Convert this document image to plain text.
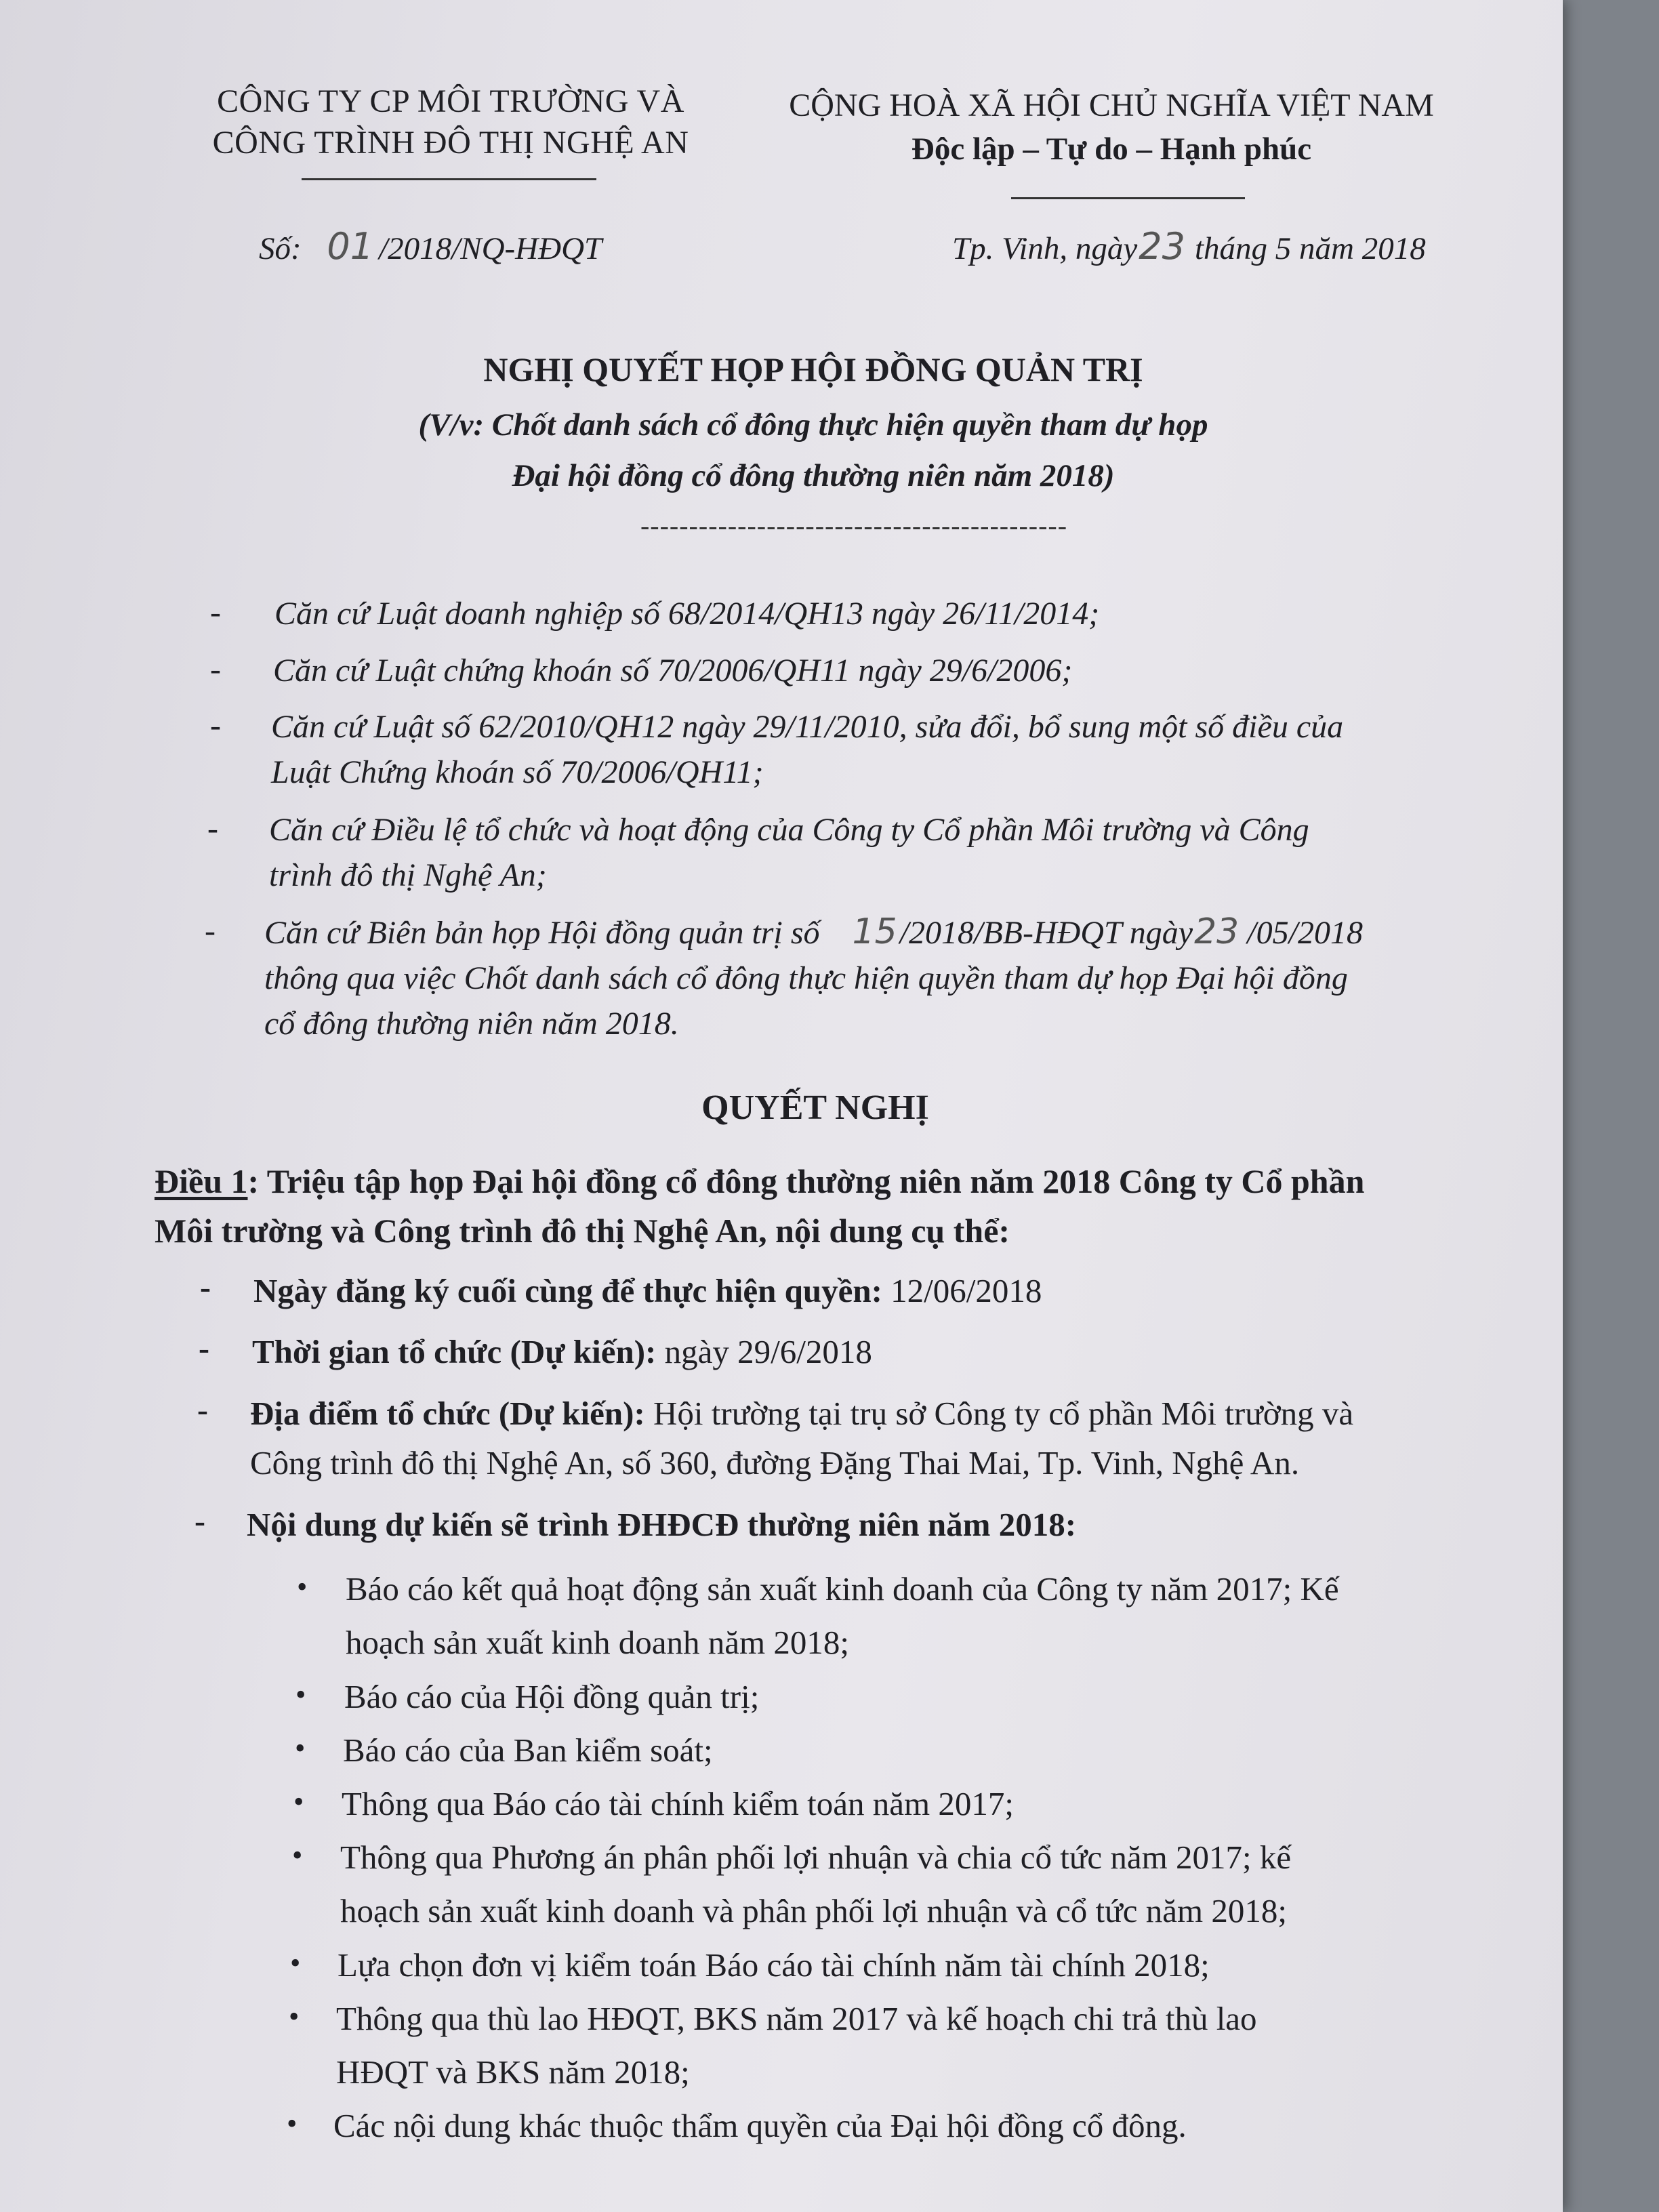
CÔNG TY CP MÔI TRƯỜNG VÀ
CÔNG TRÌNH ĐÔ THỊ NGHỆ AN
CỘNG HOÀ XÃ HỘI CHỦ NGHĨA VIỆT NAM
Độc lập – Tự do – Hạnh phúc
Số: 01 /2018/NQ-HĐQT	Tp. Vinh, ngày23 tháng 5 năm 2018
NGHỊ QUYẾT HỌP HỘI ĐỒNG QUẢN TRỊ
(V/v: Chốt danh sách cổ đông thực hiện quyền tham dự họp
Đại hội đồng cổ đông thường niên năm 2018)
--------------------------------------------
- Căn cứ Luật doanh nghiệp số 68/2014/QH13 ngày 26/11/2014;
- Căn cứ Luật chứng khoán số 70/2006/QH11 ngày 29/6/2006;
- Căn cứ Luật số 62/2010/QH12 ngày 29/11/2010, sửa đổi, bổ sung một số điều của
Luật Chứng khoán số 70/2006/QH11;
- Căn cứ Điều lệ tổ chức và hoạt động của Công ty Cổ phần Môi trường và Công
trình đô thị Nghệ An;
- Căn cứ Biên bản họp Hội đồng quản trị số 15/2018/BB-HĐQT ngày23 /05/2018
thông qua việc Chốt danh sách cổ đông thực hiện quyền tham dự họp Đại hội đồng
cổ đông thường niên năm 2018.
QUYẾT NGHỊ
Điều 1: Triệu tập họp Đại hội đồng cổ đông thường niên năm 2018 Công ty Cổ phần
Môi trường và Công trình đô thị Nghệ An, nội dung cụ thể:
- Ngày đăng ký cuối cùng để thực hiện quyền: 12/06/2018
- Thời gian tổ chức (Dự kiến): ngày 29/6/2018
- Địa điểm tổ chức (Dự kiến): Hội trường tại trụ sở Công ty cổ phần Môi trường và
Công trình đô thị Nghệ An, số 360, đường Đặng Thai Mai, Tp. Vinh, Nghệ An.
- Nội dung dự kiến sẽ trình ĐHĐCĐ thường niên năm 2018:
• Báo cáo kết quả hoạt động sản xuất kinh doanh của Công ty năm 2017; Kế
hoạch sản xuất kinh doanh năm 2018;
• Báo cáo của Hội đồng quản trị;
• Báo cáo của Ban kiểm soát;
• Thông qua Báo cáo tài chính kiểm toán năm 2017;
• Thông qua Phương án phân phối lợi nhuận và chia cổ tức năm 2017; kế
hoạch sản xuất kinh doanh và phân phối lợi nhuận và cổ tức năm 2018;
• Lựa chọn đơn vị kiểm toán Báo cáo tài chính năm tài chính 2018;
• Thông qua thù lao HĐQT, BKS năm 2017 và kế hoạch chi trả thù lao
HĐQT và BKS năm 2018;
• Các nội dung khác thuộc thẩm quyền của Đại hội đồng cổ đông.
